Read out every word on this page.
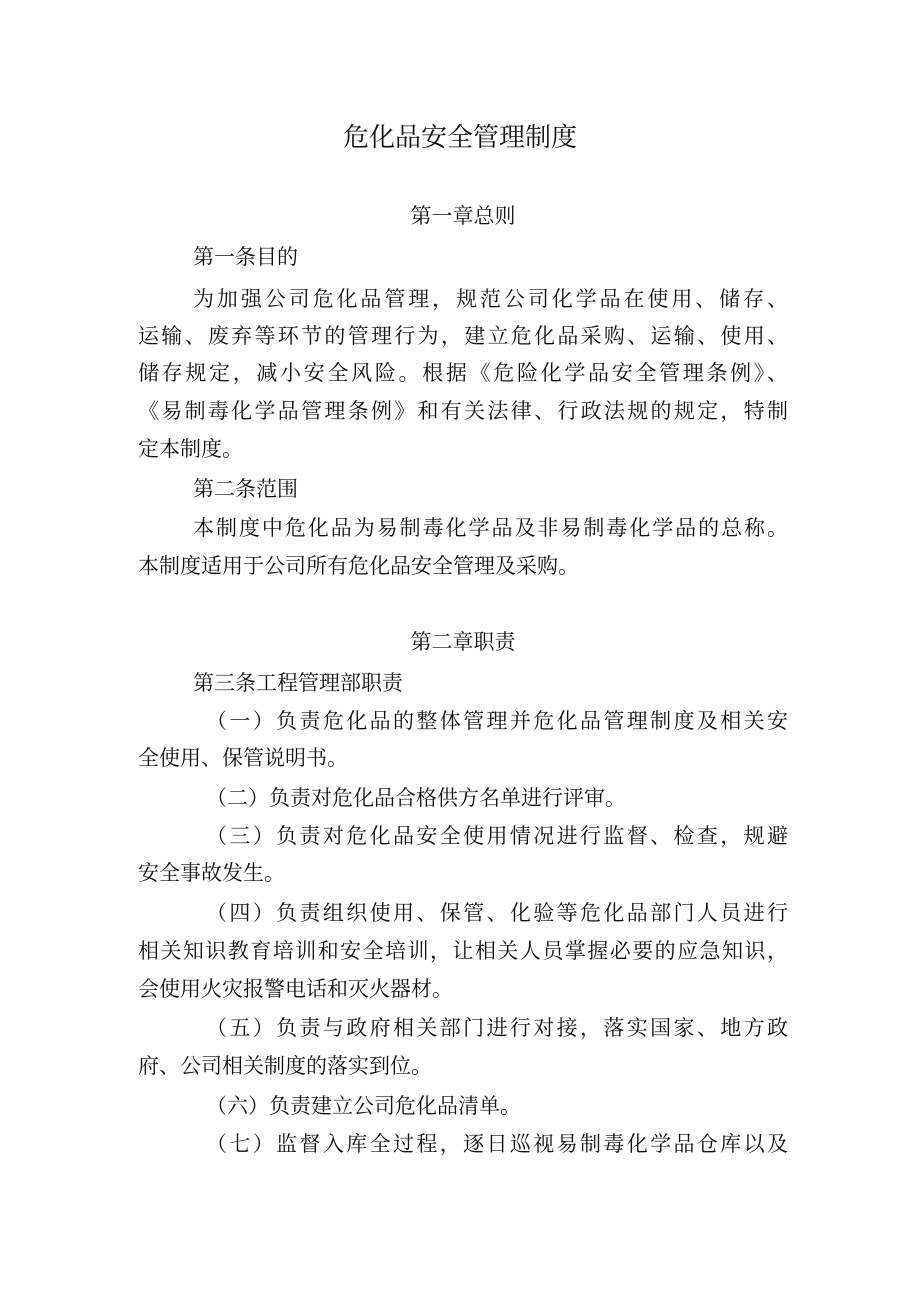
危化品安全管理制度
第一章总则
第一条目的
为加强公司危化品管理，规范公司化学品在使用、储存、
运输、废弃等环节的管理行为，建立危化品采购、运输、使用、
储存规定，减小安全风险。根据《危险化学品安全管理条例》、
《易制毒化学品管理条例》和有关法律、行政法规的规定，特制
定本制度。
第二条范围
本制度中危化品为易制毒化学品及非易制毒化学品的总称。
本制度适用于公司所有危化品安全管理及采购。
第二章职责
第三条工程管理部职责
（一）负责危化品的整体管理并危化品管理制度及相关安
全使用、保管说明书。
（二）负责对危化品合格供方名单进行评审。
（三）负责对危化品安全使用情况进行监督、检查，规避
安全事故发生。
（四）负责组织使用、保管、化验等危化品部门人员进行
相关知识教育培训和安全培训，让相关人员掌握必要的应急知识，
会使用火灾报警电话和灭火器材。
（五）负责与政府相关部门进行对接，落实国家、地方政
府、公司相关制度的落实到位。
（六）负责建立公司危化品清单。
（七）监督入库全过程，逐日巡视易制毒化学品仓库以及
